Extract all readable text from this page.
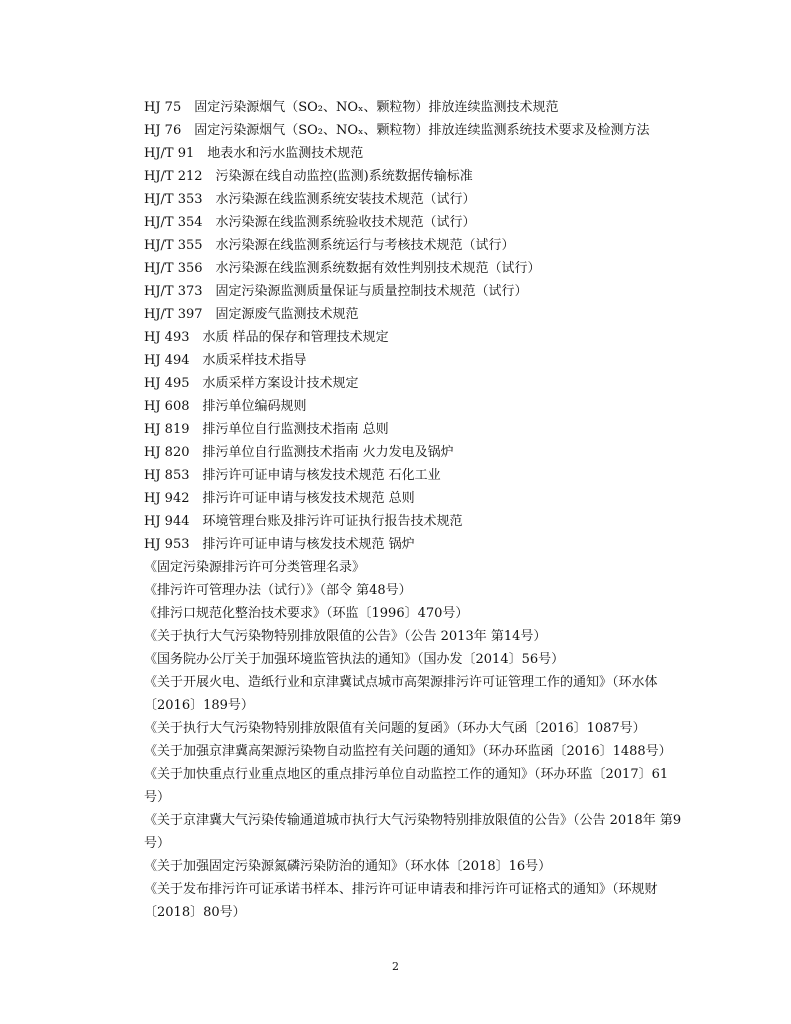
HJ 75　固定污染源烟气（SO₂、NOₓ、颗粒物）排放连续监测技术规范
HJ 76　固定污染源烟气（SO₂、NOₓ、颗粒物）排放连续监测系统技术要求及检测方法
HJ/T 91　地表水和污水监测技术规范
HJ/T 212　污染源在线自动监控(监测)系统数据传输标准
HJ/T 353　水污染源在线监测系统安装技术规范（试行）
HJ/T 354　水污染源在线监测系统验收技术规范（试行）
HJ/T 355　水污染源在线监测系统运行与考核技术规范（试行）
HJ/T 356　水污染源在线监测系统数据有效性判别技术规范（试行）
HJ/T 373　固定污染源监测质量保证与质量控制技术规范（试行）
HJ/T 397　固定源废气监测技术规范
HJ 493　水质 样品的保存和管理技术规定
HJ 494　水质采样技术指导
HJ 495　水质采样方案设计技术规定
HJ 608　排污单位编码规则
HJ 819　排污单位自行监测技术指南 总则
HJ 820　排污单位自行监测技术指南 火力发电及锅炉
HJ 853　排污许可证申请与核发技术规范 石化工业
HJ 942　排污许可证申请与核发技术规范 总则
HJ 944　环境管理台账及排污许可证执行报告技术规范
HJ 953　排污许可证申请与核发技术规范 锅炉
《固定污染源排污许可分类管理名录》
《排污许可管理办法（试行）》（部令 第48号）
《排污口规范化整治技术要求》（环监〔1996〕470号）
《关于执行大气污染物特别排放限值的公告》（公告 2013年 第14号）
《国务院办公厅关于加强环境监管执法的通知》（国办发〔2014〕56号）
《关于开展火电、造纸行业和京津冀试点城市高架源排污许可证管理工作的通知》（环水体〔2016〕189号）
《关于执行大气污染物特别排放限值有关问题的复函》（环办大气函〔2016〕1087号）
《关于加强京津冀高架源污染物自动监控有关问题的通知》（环办环监函〔2016〕1488号）
《关于加快重点行业重点地区的重点排污单位自动监控工作的通知》（环办环监〔2017〕61号）
《关于京津冀大气污染传输通道城市执行大气污染物特别排放限值的公告》（公告 2018年 第9号）
《关于加强固定污染源氮磷污染防治的通知》（环水体〔2018〕16号）
《关于发布排污许可证承诺书样本、排污许可证申请表和排污许可证格式的通知》（环规财〔2018〕80号）
2
